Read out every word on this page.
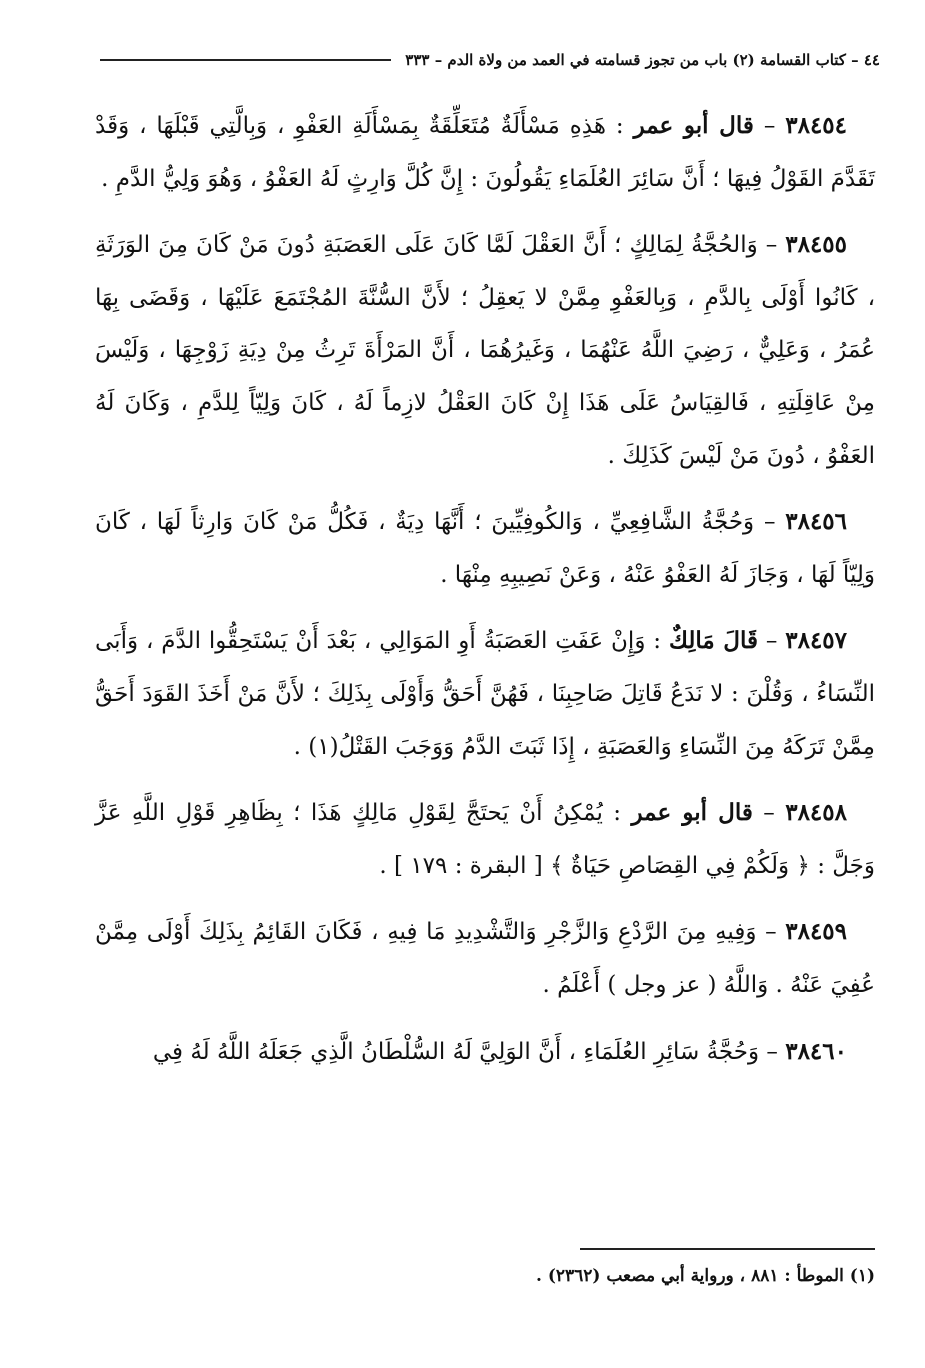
٤٤ – كتاب القسامة (٢) باب من تجوز قسامته في العمد من ولاة الدم – ٣٣٣

٣٨٤٥٤ – قال أبو عمر : هَذِهِ مَسْأَلَةٌ مُتَعَلِّقَةٌ بِمَسْأَلَةِ العَفْوِ ، وَبِالَّتِي قَبْلَهَا ، وَقَدْ تَقَدَّمَ القَوْلُ فِيهَا ؛ أَنَّ سَائِرَ العُلَمَاءِ يَقُولُونَ : إِنَّ كُلَّ وَارِثٍ لَهُ العَفْوُ ، وَهُوَ وَلِيُّ الدَّمِ .

٣٨٤٥٥ – وَالحُجَّةُ لِمَالِكٍ ؛ أَنَّ العَقْلَ لَمَّا كَانَ عَلَى العَصَبَةِ دُونَ مَنْ كَانَ مِنَ الوَرَثَةِ ، كَانُوا أَوْلَى بِالدَّمِ ، وَبِالعَفْوِ مِمَّنْ لا يَعقِلُ ؛ لأَنَّ السُّنَّةَ المُجْتَمَعَ عَلَيْهَا ، وَقَضَى بِهَا عُمَرُ ، وَعَلِيٌّ ، رَضِيَ اللَّهُ عَنْهُمَا ، وَغَيرُهُمَا ، أَنَّ المَرْأَةَ تَرِثُ مِنْ دِيَةِ زَوْجِهَا ، وَلَيْسَ مِنْ عَاقِلَتِهِ ، فَالقِيَاسُ عَلَى هَذَا إِنْ كَانَ العَقْلُ لازِماً لَهُ ، كَانَ وَلِيّاً لِلدَّمِ ، وَكَانَ لَهُ العَفْوُ ، دُونَ مَنْ لَيْسَ كَذَلِكَ .

٣٨٤٥٦ – وَحُجَّةُ الشَّافِعِيِّ ، وَالكُوفِيِّينَ ؛ أَنَّهَا دِيَةٌ ، فَكُلُّ مَنْ كَانَ وَارِثاً لَهَا ، كَانَ وَلِيّاً لَهَا ، وَجَازَ لَهُ العَفْوُ عَنْهُ ، وَعَنْ نَصِيبِهِ مِنْهَا .

٣٨٤٥٧ – قَالَ مَالِكٌ : وَإِنْ عَفَتِ العَصَبَةُ أَوِ المَوَالِي ، بَعْدَ أَنْ يَسْتَحِقُّوا الدَّمَ ، وَأَبَى النِّسَاءُ ، وَقُلْنَ : لا نَدَعُ قَاتِلَ صَاحِبِنَا ، فَهُنَّ أَحَقُّ وَأَوْلَى بِذَلِكَ ؛ لأَنَّ مَنْ أَخَذَ القَوَدَ أَحَقُّ مِمَّنْ تَرَكَهُ مِنَ النِّسَاءِ وَالعَصَبَةِ ، إِذَا ثَبَتَ الدَّمُ وَوَجَبَ القَتْلُ(١) .

٣٨٤٥٨ – قال أبو عمر : يُمْكِنُ أَنْ يَحتَجَّ لِقَوْلِ مَالِكٍ هَذَا ؛ بِظَاهِرِ قَوْلِ اللَّهِ عَزَّ وَجَلَّ : ﴿ وَلَكُمْ فِي القِصَاصِ حَيَاةٌ ﴾ [ البقرة : ١٧٩ ] .

٣٨٤٥٩ – وَفِيهِ مِنَ الرَّدْعِ وَالزَّجْرِ وَالتَّشْدِيدِ مَا فِيهِ ، فَكَانَ القَائِمُ بِذَلِكَ أَوْلَى مِمَّنْ عُفِيَ عَنْهُ . وَاللَّهُ ( عز وجل ) أَعْلَمُ .

٣٨٤٦٠ – وَحُجَّةُ سَائِرِ العُلَمَاءِ ، أَنَّ الوَلِيَّ لَهُ السُّلْطَانُ الَّذِي جَعَلَهُ اللَّهُ لَهُ فِي

(١) الموطأ : ٨٨١ ، ورواية أبي مصعب (٢٣٦٢) .
